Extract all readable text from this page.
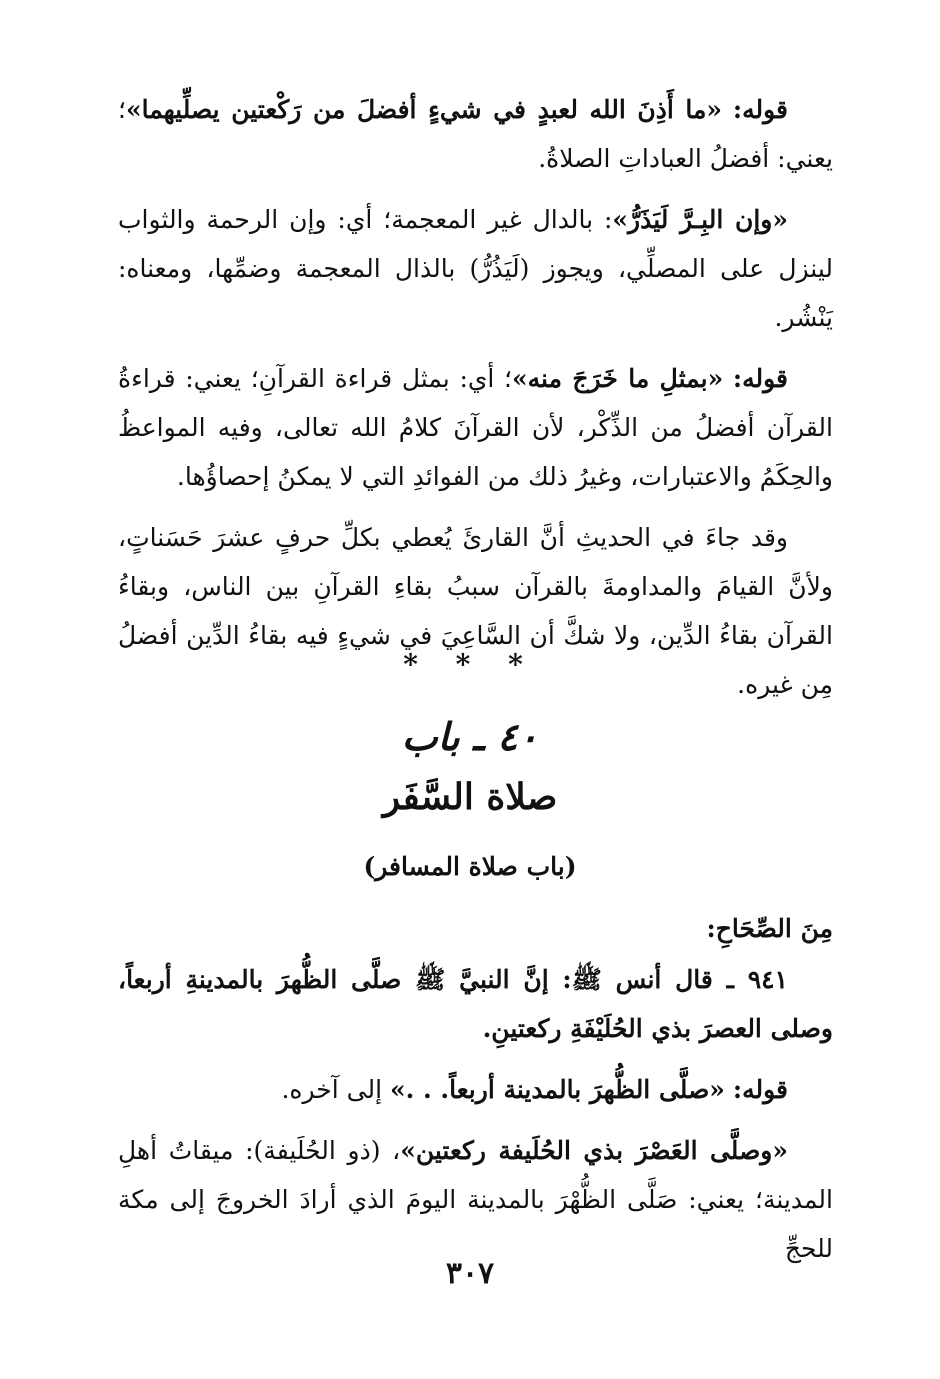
قوله: «ما أَذِنَ الله لعبدٍ في شيءٍ أفضلَ من رَكْعتين يصلِّيهما»؛ يعني: أفضلُ العباداتِ الصلاةُ.

«وإن البِـرَّ لَيَذَرُّ»: بالدال غير المعجمة؛ أي: وإن الرحمة والثواب لينزل على المصلِّي، ويجوز (لَيَذُرُّ) بالذال المعجمة وضمِّها، ومعناه: يَنْشُر.

قوله: «بمثلِ ما خَرَجَ منه»؛ أي: بمثل قراءة القرآنِ؛ يعني: قراءةُ القرآن أفضلُ من الذِّكْر، لأن القرآنَ كلامُ الله تعالى، وفيه المواعظُ والحِكَمُ والاعتبارات، وغيرُ ذلك من الفوائدِ التي لا يمكنُ إحصاؤُها.

وقد جاءَ في الحديثِ أنَّ القارئَ يُعطي بكلِّ حرفٍ عشرَ حَسَناتٍ، ولأنَّ القيامَ والمداومةَ بالقرآن سببُ بقاءِ القرآنِ بين الناس، وبقاءُ القرآن بقاءُ الدِّين، ولا شكَّ أن السَّاعِيَ في شيءٍ فيه بقاءُ الدِّين أفضلُ مِن غيره.

* * *
٤٠ ـ باب
صلاة السَّفَر
(باب صلاة المسافر)

مِنَ الصِّحَاحِ:

٩٤١ ـ قال أنس ﷺ: إنَّ النبيَّ ﷺ صلَّى الظُّهرَ بالمدينةِ أربعاً، وصلى العصرَ بذي الحُلَيْفَةِ ركعتينِ.

قوله: «صلَّى الظُّهرَ بالمدينة أربعاً. . .» إلى آخره.

«وصلَّى العَصْرَ بذي الحُلَيفة ركعتين»، (ذو الحُلَيفة): ميقاتُ أهلِ المدينة؛ يعني: صَلَّى الظُّهْرَ بالمدينة اليومَ الذي أرادَ الخروجَ إلى مكة للحجِّ

٣٠٧
